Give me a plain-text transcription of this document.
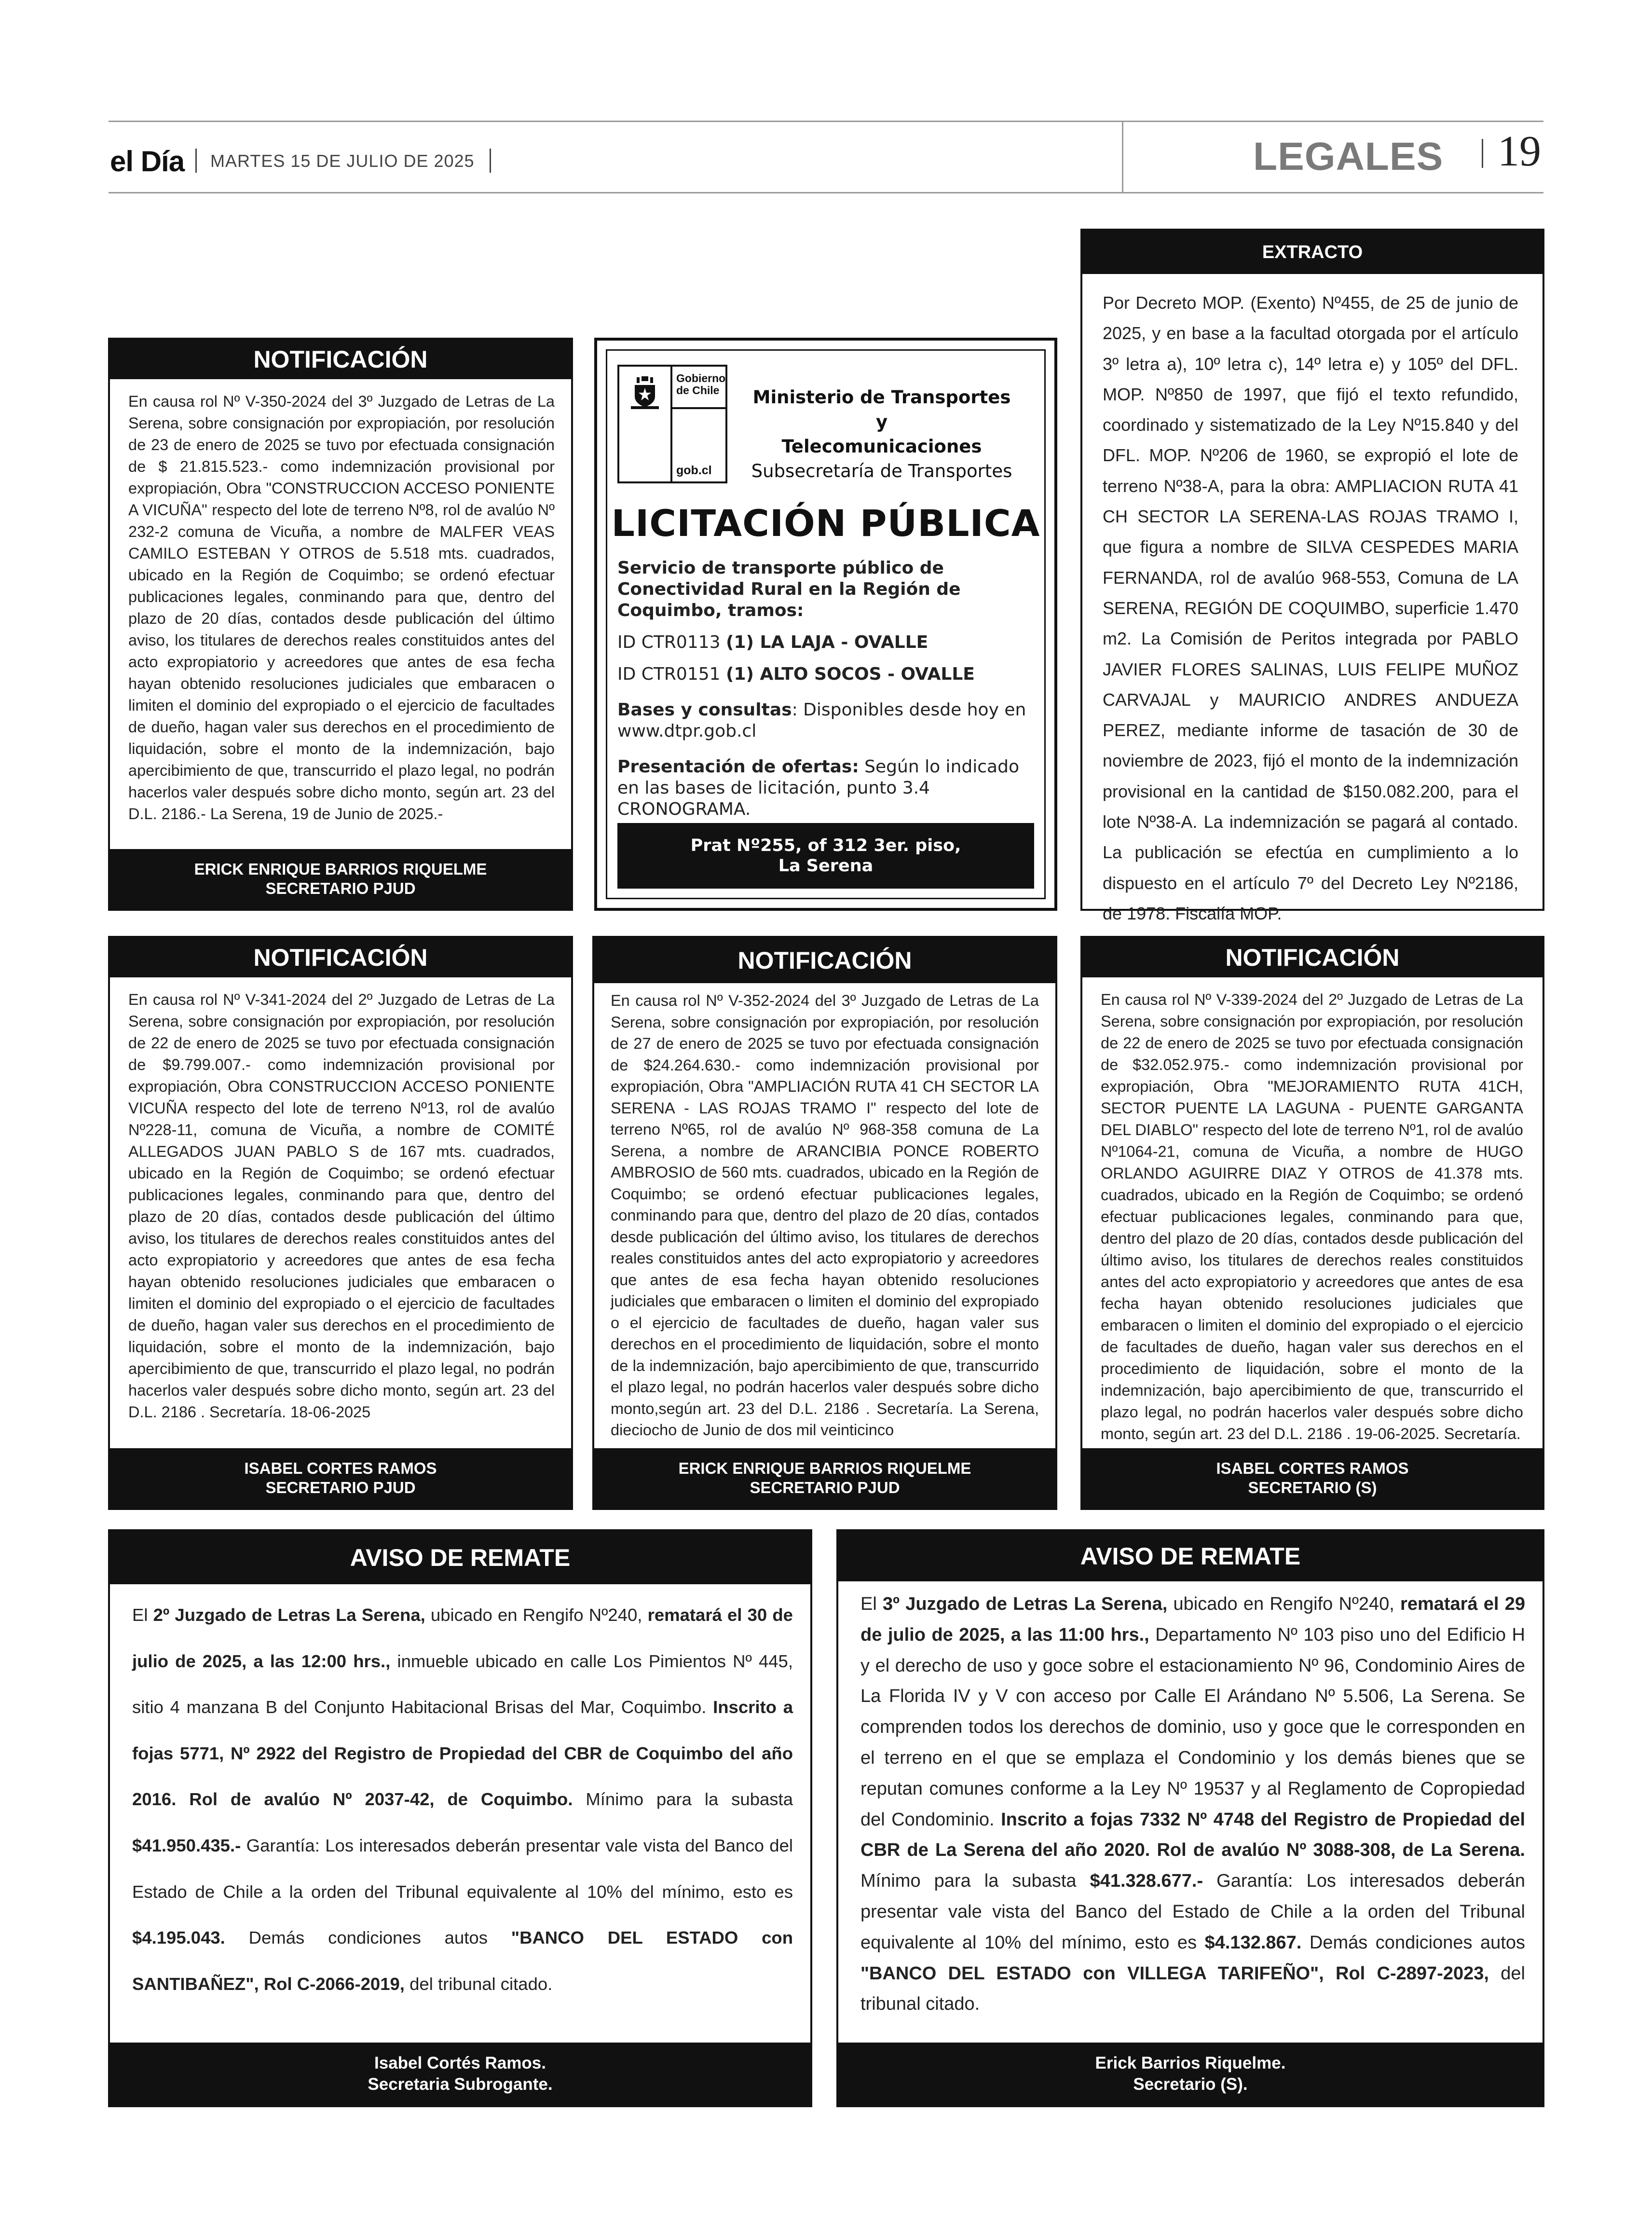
el Día MARTES 15 DE JULIO DE 2025	LEGALES 19
NOTIFICACIÓN
En causa rol Nº V-350-2024 del 3º Juzgado de Letras de La Serena, sobre consignación por expropiación, por resolución de 23 de enero de 2025 se tuvo por efectuada consignación de $ 21.815.523.- como indemnización provisional por expropiación, Obra "CONSTRUCCION ACCESO PONIENTE A VICUÑA" respecto del lote de terreno Nº8, rol de avalúo Nº 232-2 comuna de Vicuña, a nombre de MALFER VEAS CAMILO ESTEBAN Y OTROS de 5.518 mts. cuadrados, ubicado en la Región de Coquimbo; se ordenó efectuar publicaciones legales, conminando para que, dentro del plazo de 20 días, contados desde publicación del último aviso, los titulares de derechos reales constituidos antes del acto expropiatorio y acreedores que antes de esa fecha hayan obtenido resoluciones judiciales que embaracen o limiten el dominio del expropiado o el ejercicio de facultades de dueño, hagan valer sus derechos en el procedimiento de liquidación, sobre el monto de la indemnización, bajo apercibimiento de que, transcurrido el plazo legal, no podrán hacerlos valer después sobre dicho monto, según art. 23 del D.L. 2186.- La Serena, 19 de Junio de 2025.-
ERICK ENRIQUE BARRIOS RIQUELME
SECRETARIO PJUD
Gobierno
de Chile
gob.cl
Ministerio de Transportes y
Telecomunicaciones
Subsecretaría de Transportes
LICITACIÓN PÚBLICA

Servicio de transporte público de Conectividad Rural en la Región de Coquimbo, tramos:

ID CTR0113 (1) LA LAJA - OVALLE

ID CTR0151 (1) ALTO SOCOS - OVALLE

Bases y consultas: Disponibles desde hoy en www.dtpr.gob.cl

Presentación de ofertas: Según lo indicado en las bases de licitación, punto 3.4 CRONOGRAMA.

Prat Nº255, of 312 3er. piso,
La Serena
EXTRACTO
Por Decreto MOP. (Exento) Nº455, de 25 de junio de 2025, y en base a la facultad otorgada por el artículo 3º letra a), 10º letra c), 14º letra e) y 105º del DFL. MOP. Nº850 de 1997, que fijó el texto refundido, coordinado y sistematizado de la Ley Nº15.840 y del DFL. MOP. Nº206 de 1960, se expropió el lote de terreno Nº38-A, para la obra: AMPLIACION RUTA 41 CH SECTOR LA SERENA-LAS ROJAS TRAMO I, que figura a nombre de SILVA CESPEDES MARIA FERNANDA, rol de avalúo 968-553, Comuna de LA SERENA, REGIÓN DE COQUIMBO, superficie 1.470 m2. La Comisión de Peritos integrada por PABLO JAVIER FLORES SALINAS, LUIS FELIPE MUÑOZ CARVAJAL y MAURICIO ANDRES ANDUEZA PEREZ, mediante informe de tasación de 30 de noviembre de 2023, fijó el monto de la indemnización provisional en la cantidad de $150.082.200, para el lote Nº38-A. La indemnización se pagará al contado. La publicación se efectúa en cumplimiento a lo dispuesto en el artículo 7º del Decreto Ley Nº2186, de 1978. Fiscalía MOP.
NOTIFICACIÓN
En causa rol Nº V-341-2024 del 2º Juzgado de Letras de La Serena, sobre consignación por expropiación, por resolución de 22 de enero de 2025 se tuvo por efectuada consignación de $9.799.007.- como indemnización provisional por expropiación, Obra CONSTRUCCION ACCESO PONIENTE VICUÑA respecto del lote de terreno Nº13, rol de avalúo Nº228-11, comuna de Vicuña, a nombre de COMITÉ ALLEGADOS JUAN PABLO S de 167 mts. cuadrados, ubicado en la Región de Coquimbo; se ordenó efectuar publicaciones legales, conminando para que, dentro del plazo de 20 días, contados desde publicación del último aviso, los titulares de derechos reales constituidos antes del acto expropiatorio y acreedores que antes de esa fecha hayan obtenido resoluciones judiciales que embaracen o limiten el dominio del expropiado o el ejercicio de facultades de dueño, hagan valer sus derechos en el procedimiento de liquidación, sobre el monto de la indemnización, bajo apercibimiento de que, transcurrido el plazo legal, no podrán hacerlos valer después sobre dicho monto, según art. 23 del D.L. 2186 . Secretaría. 18-06-2025
ISABEL CORTES RAMOS
SECRETARIO PJUD
NOTIFICACIÓN
En causa rol Nº V-352-2024 del 3º Juzgado de Letras de La Serena, sobre consignación por expropiación, por resolución de 27 de enero de 2025 se tuvo por efectuada consignación de $24.264.630.- como indemnización provisional por expropiación, Obra "AMPLIACIÓN RUTA 41 CH SECTOR LA SERENA - LAS ROJAS TRAMO I" respecto del lote de terreno Nº65, rol de avalúo Nº 968-358 comuna de La Serena, a nombre de ARANCIBIA PONCE ROBERTO AMBROSIO de 560 mts. cuadrados, ubicado en la Región de Coquimbo; se ordenó efectuar publicaciones legales, conminando para que, dentro del plazo de 20 días, contados desde publicación del último aviso, los titulares de derechos reales constituidos antes del acto expropiatorio y acreedores que antes de esa fecha hayan obtenido resoluciones judiciales que embaracen o limiten el dominio del expropiado o el ejercicio de facultades de dueño, hagan valer sus derechos en el procedimiento de liquidación, sobre el monto de la indemnización, bajo apercibimiento de que, transcurrido el plazo legal, no podrán hacerlos valer después sobre dicho monto,según art. 23 del D.L. 2186 . Secretaría. La Serena, dieciocho de Junio de dos mil veinticinco
ERICK ENRIQUE BARRIOS RIQUELME
SECRETARIO PJUD
NOTIFICACIÓN
En causa rol Nº V-339-2024 del 2º Juzgado de Letras de La Serena, sobre consignación por expropiación, por resolución de 22 de enero de 2025 se tuvo por efectuada consignación de $32.052.975.- como indemnización provisional por expropiación, Obra "MEJORAMIENTO RUTA 41CH, SECTOR PUENTE LA LAGUNA - PUENTE GARGANTA DEL DIABLO" respecto del lote de terreno Nº1, rol de avalúo Nº1064-21, comuna de Vicuña, a nombre de HUGO ORLANDO AGUIRRE DIAZ Y OTROS de 41.378 mts. cuadrados, ubicado en la Región de Coquimbo; se ordenó efectuar publicaciones legales, conminando para que, dentro del plazo de 20 días, contados desde publicación del último aviso, los titulares de derechos reales constituidos antes del acto expropiatorio y acreedores que antes de esa fecha hayan obtenido resoluciones judiciales que embaracen o limiten el dominio del expropiado o el ejercicio de facultades de dueño, hagan valer sus derechos en el procedimiento de liquidación, sobre el monto de la indemnización, bajo apercibimiento de que, transcurrido el plazo legal, no podrán hacerlos valer después sobre dicho monto, según art. 23 del D.L. 2186 . 19-06-2025. Secretaría.
ISABEL CORTES RAMOS
SECRETARIO (S)
AVISO DE REMATE
El 2º Juzgado de Letras La Serena, ubicado en Rengifo Nº240, rematará el 30 de julio de 2025, a las 12:00 hrs., inmueble ubicado en calle Los Pimientos Nº 445, sitio 4 manzana B del Conjunto Habitacional Brisas del Mar, Coquimbo. Inscrito a fojas 5771, Nº 2922 del Registro de Propiedad del CBR de Coquimbo del año 2016. Rol de avalúo Nº 2037-42, de Coquimbo. Mínimo para la subasta $41.950.435.- Garantía: Los interesados deberán presentar vale vista del Banco del Estado de Chile a la orden del Tribunal equivalente al 10% del mínimo, esto es $4.195.043. Demás condiciones autos "BANCO DEL ESTADO con SANTIBAÑEZ", Rol C-2066-2019, del tribunal citado.
Isabel Cortés Ramos.
Secretaria Subrogante.
AVISO DE REMATE
El 3º Juzgado de Letras La Serena, ubicado en Rengifo Nº240, rematará el 29 de julio de 2025, a las 11:00 hrs., Departamento Nº 103 piso uno del Edificio H y el derecho de uso y goce sobre el estacionamiento Nº 96, Condominio Aires de La Florida IV y V con acceso por Calle El Arándano Nº 5.506, La Serena. Se comprenden todos los derechos de dominio, uso y goce que le corresponden en el terreno en el que se emplaza el Condominio y los demás bienes que se reputan comunes conforme a la Ley Nº 19537 y al Reglamento de Copropiedad del Condominio. Inscrito a fojas 7332 Nº 4748 del Registro de Propiedad del CBR de La Serena del año 2020. Rol de avalúo Nº 3088-308, de La Serena. Mínimo para la subasta $41.328.677.- Garantía: Los interesados deberán presentar vale vista del Banco del Estado de Chile a la orden del Tribunal equivalente al 10% del mínimo, esto es $4.132.867. Demás condiciones autos "BANCO DEL ESTADO con VILLEGA TARIFEÑO", Rol C-2897-2023, del tribunal citado.
Erick Barrios Riquelme.
Secretario (S).
